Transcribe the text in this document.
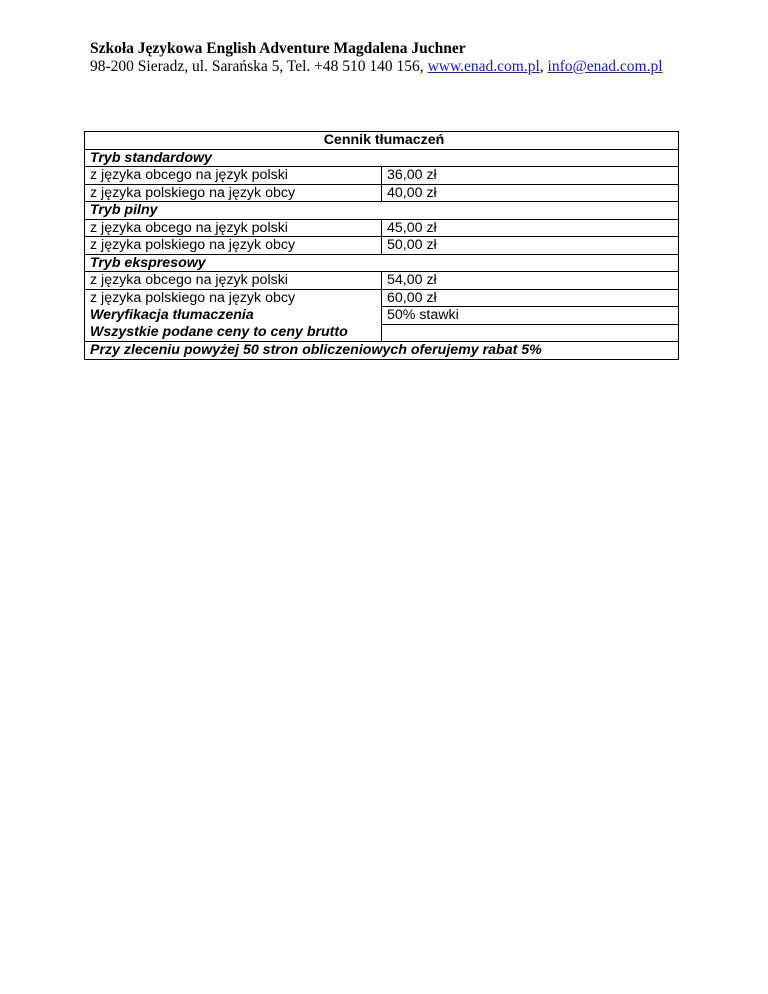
Szkoła Językowa English Adventure Magdalena Juchner
98-200 Sieradz, ul. Sarańska 5, Tel. +48 510 140 156, www.enad.com.pl, info@enad.com.pl
Cennik tłumaczeń	
Tryb standardowy	
z języka obcego na język polski	36,00 zł
z języka polskiego na język obcy	40,00 zł
Tryb pilny	
z języka obcego na język polski	45,00 zł
z języka polskiego na język obcy	50,00 zł
Tryb ekspresowy	
z języka obcego na język polski	54,00 zł
z języka polskiego na język obcy	60,00 zł
Weryfikacja tłumaczenia	50% stawki
Wszystkie podane ceny to ceny brutto	
Przy zleceniu powyżej 50 stron obliczeniowych oferujemy rabat 5%	
